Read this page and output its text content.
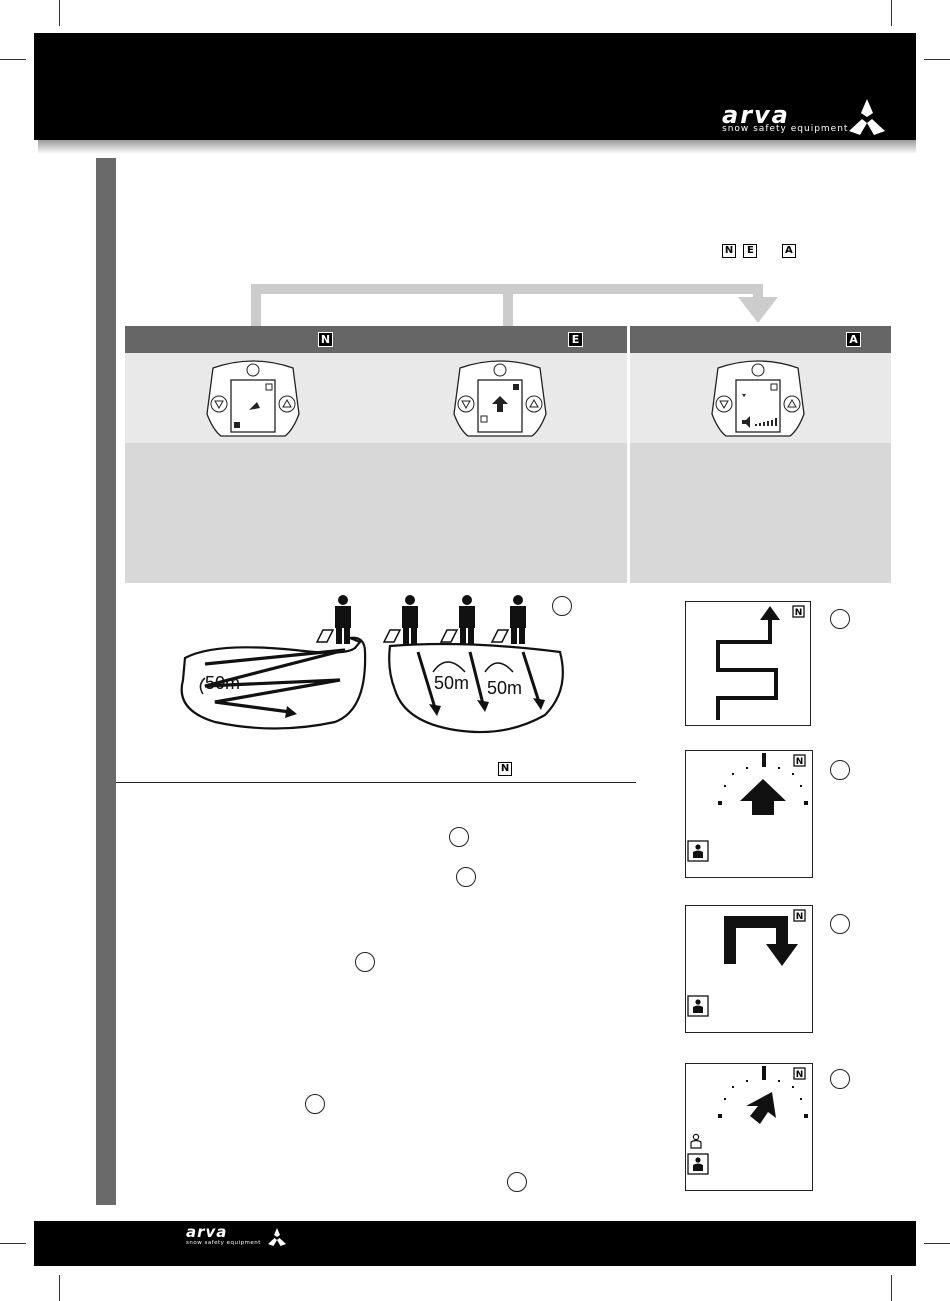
arva
snow safety equipment
N E	A
N	E	A
50m	50m 50m
N
N
N
N
N
arva
snow safety equipment
